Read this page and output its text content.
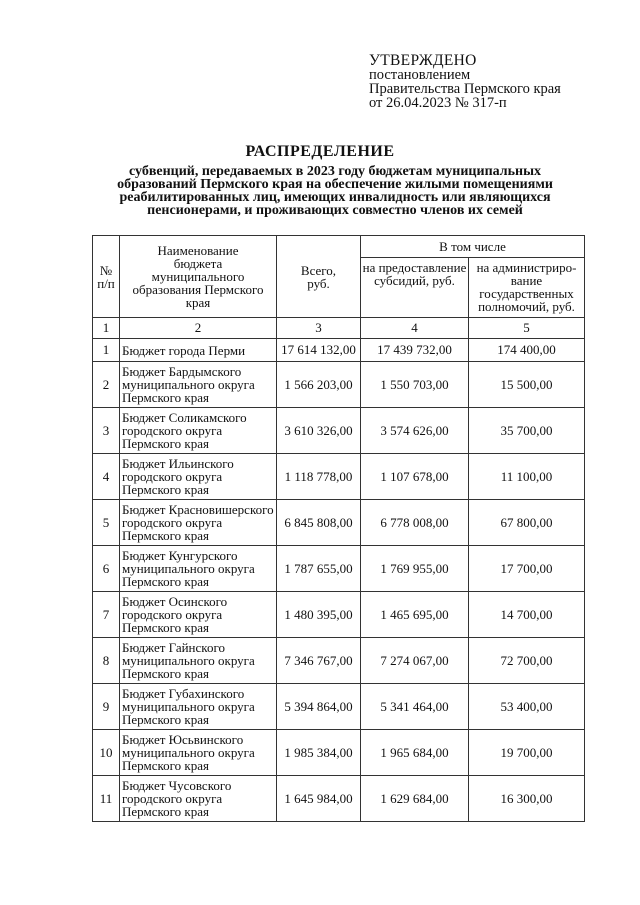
УТВЕРЖДЕНО
постановлением
Правительства Пермского края
от 26.04.2023 № 317-п
РАСПРЕДЕЛЕНИЕ
субвенций, передаваемых в 2023 году бюджетам муниципальных
образований Пермского края на обеспечение жилыми помещениями
реабилитированных лиц, имеющих инвалидность или являющихся
пенсионерами, и проживающих совместно членов их семей
№ п/п	Наименование бюджета муниципального образования Пермского края	Всего, руб.	В том числе	
			на предоставление субсидий, руб.	на администриро-вание государственных полномочий, руб.
1	2	3	4	5
1	Бюджет города Перми	17 614 132,00	17 439 732,00	174 400,00
2	Бюджет Бардымского муниципального округа Пермского края	1 566 203,00	1 550 703,00	15 500,00
3	Бюджет Соликамского городского округа Пермского края	3 610 326,00	3 574 626,00	35 700,00
4	Бюджет Ильинского городского округа Пермского края	1 118 778,00	1 107 678,00	11 100,00
5	Бюджет Красновишерского городского округа Пермского края	6 845 808,00	6 778 008,00	67 800,00
6	Бюджет Кунгурского муниципального округа Пермского края	1 787 655,00	1 769 955,00	17 700,00
7	Бюджет Осинского городского округа Пермского края	1 480 395,00	1 465 695,00	14 700,00
8	Бюджет Гайнского муниципального округа Пермского края	7 346 767,00	7 274 067,00	72 700,00
9	Бюджет Губахинского муниципального округа Пермского края	5 394 864,00	5 341 464,00	53 400,00
10	Бюджет Юсьвинского муниципального округа Пермского края	1 985 384,00	1 965 684,00	19 700,00
11	Бюджет Чусовского городского округа Пермского края	1 645 984,00	1 629 684,00	16 300,00
